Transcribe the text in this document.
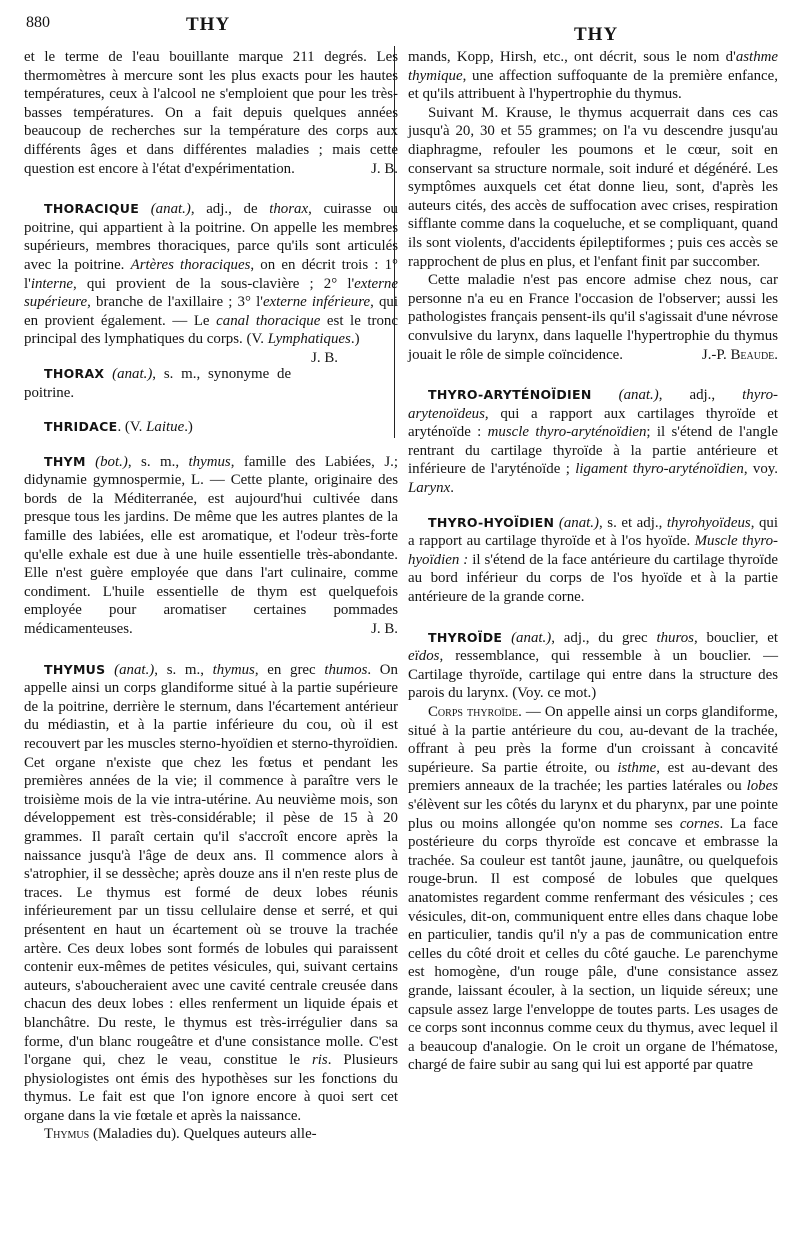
880	THY	THY

et le terme de l'eau bouillante marque 211 degrés. Les thermomètres à mercure sont les plus exacts pour les hautes températures, ceux à l'alcool ne s'emploient que pour les très-basses températures. On a fait depuis quelques années beaucoup de recherches sur la température des corps aux différents âges et dans différentes maladies ; mais cette question est encore à l'état d'expérimentation.	J. B.

THORACIQUE (anat.), adj., de thorax, cuirasse ou poitrine, qui appartient à la poitrine. On appelle les membres supérieurs, membres thoraciques, parce qu'ils sont articulés avec la poitrine. Artères thoraciques, on en décrit trois : 1° l'interne, qui provient de la sous-clavière ; 2° l'externe supérieure, branche de l'axillaire ; 3° l'externe inférieure, qui en provient également. — Le canal thoracique est le tronc principal des lymphatiques du corps. (V. Lymphatiques.)
J. B.

THORAX (anat.), s. m., synonyme de poitrine.

THRIDACE. (V. Laitue.)

THYM (bot.), s. m., thymus, famille des Labiées, J.; didynamie gymnospermie, L. — Cette plante, originaire des bords de la Méditerranée, est aujourd'hui cultivée dans presque tous les jardins. De même que les autres plantes de la famille des labiées, elle est aromatique, et l'odeur très-forte qu'elle exhale est due à une huile essentielle très-abondante. Elle n'est guère employée que dans l'art culinaire, comme condiment. L'huile essentielle de thym est quelquefois employée pour aromatiser certaines pommades médicamenteuses.	J. B.

THYMUS (anat.), s. m., thymus, en grec thumos. On appelle ainsi un corps glandiforme situé à la partie supérieure de la poitrine, derrière le sternum, dans l'écartement antérieur du médiastin, et à la partie inférieure du cou, où il est recouvert par les muscles sterno-hyoïdien et sterno-thyroïdien. Cet organe n'existe que chez les fœtus et pendant les premières années de la vie; il commence à paraître vers le troisième mois de la vie intra-utérine. Au neuvième mois, son développement est très-considérable; il pèse de 15 à 20 grammes. Il paraît certain qu'il s'accroît encore après la naissance jusqu'à l'âge de deux ans. Il commence alors à s'atrophier, il se dessèche; après douze ans il n'en reste plus de traces. Le thymus est formé de deux lobes réunis inférieurement par un tissu cellulaire dense et serré, et qui présentent en haut un écartement où se trouve la trachée artère. Ces deux lobes sont formés de lobules qui paraissent contenir eux-mêmes de petites vésicules, qui, suivant certains auteurs, s'aboucheraient avec une cavité centrale creusée dans chacun des deux lobes : elles renferment un liquide épais et blanchâtre. Du reste, le thymus est très-irrégulier dans sa forme, d'un blanc rougeâtre et d'une consistance molle. C'est l'organe qui, chez le veau, constitue le ris. Plusieurs physiologistes ont émis des hypothèses sur les fonctions du thymus. Le fait est que l'on ignore encore à quoi sert cet organe dans la vie fœtale et après la naissance.

Thymus (Maladies du). Quelques auteurs alle-

mands, Kopp, Hirsh, etc., ont décrit, sous le nom d'asthme thymique, une affection suffoquante de la première enfance, et qu'ils attribuent à l'hypertrophie du thymus.

Suivant M. Krause, le thymus acquerrait dans ces cas jusqu'à 20, 30 et 55 grammes; on l'a vu descendre jusqu'au diaphragme, refouler les poumons et le cœur, soit en conservant sa structure normale, soit induré et dégénéré. Les symptômes auxquels cet état donne lieu, sont, d'après les auteurs cités, des accès de suffocation avec crises, respiration sifflante comme dans la coqueluche, et se compliquant, quand ils sont violents, d'accidents épileptiformes ; puis ces accès se rapprochent de plus en plus, et l'enfant finit par succomber.

Cette maladie n'est pas encore admise chez nous, car personne n'a eu en France l'occasion de l'observer; aussi les pathologistes français pensent-ils qu'il s'agissait d'une névrose convulsive du larynx, dans laquelle l'hypertrophie du thymus jouait le rôle de simple coïncidence.	J.-P. Beaude.

THYRO-ARYTÉNOÏDIEN (anat.), adj., thyro-arytenoïdeus, qui a rapport aux cartilages thyroïde et aryténoïde : muscle thyro-aryténoïdien; il s'étend de l'angle rentrant du cartilage thyroïde à la partie antérieure et inférieure de l'aryténoïde ; ligament thyro-aryténoïdien, voy. Larynx.

THYRO-HYOÏDIEN (anat.), s. et adj., thyrohyoïdeus, qui a rapport au cartilage thyroïde et à l'os hyoïde. Muscle thyro-hyoïdien : il s'étend de la face antérieure du cartilage thyroïde au bord inférieur du corps de l'os hyoïde et à la partie antérieure de la grande corne.

THYROÏDE (anat.), adj., du grec thuros, bouclier, et eïdos, ressemblance, qui ressemble à un bouclier. — Cartilage thyroïde, cartilage qui entre dans la structure des parois du larynx. (Voy. ce mot.)

Corps thyroïde. — On appelle ainsi un corps glandiforme, situé à la partie antérieure du cou, au-devant de la trachée, offrant à peu près la forme d'un croissant à concavité supérieure. Sa partie étroite, ou isthme, est au-devant des premiers anneaux de la trachée; les parties latérales ou lobes s'élèvent sur les côtés du larynx et du pharynx, par une pointe plus ou moins allongée qu'on nomme ses cornes. La face postérieure du corps thyroïde est concave et embrasse la trachée. Sa couleur est tantôt jaune, jaunâtre, ou quelquefois rouge-brun. Il est composé de lobules que quelques anatomistes regardent comme renfermant des vésicules ; ces vésicules, dit-on, communiquent entre elles dans chaque lobe en particulier, tandis qu'il n'y a pas de communication entre celles du côté droit et celles du côté gauche. Le parenchyme est homogène, d'un rouge pâle, d'une consistance assez grande, laissant écouler, à la section, un liquide séreux; une capsule assez large l'enveloppe de toutes parts. Les usages de ce corps sont inconnus comme ceux du thymus, avec lequel il a beaucoup d'analogie. On le croit un organe de l'hématose, chargé de faire subir au sang qui lui est apporté par quatre
